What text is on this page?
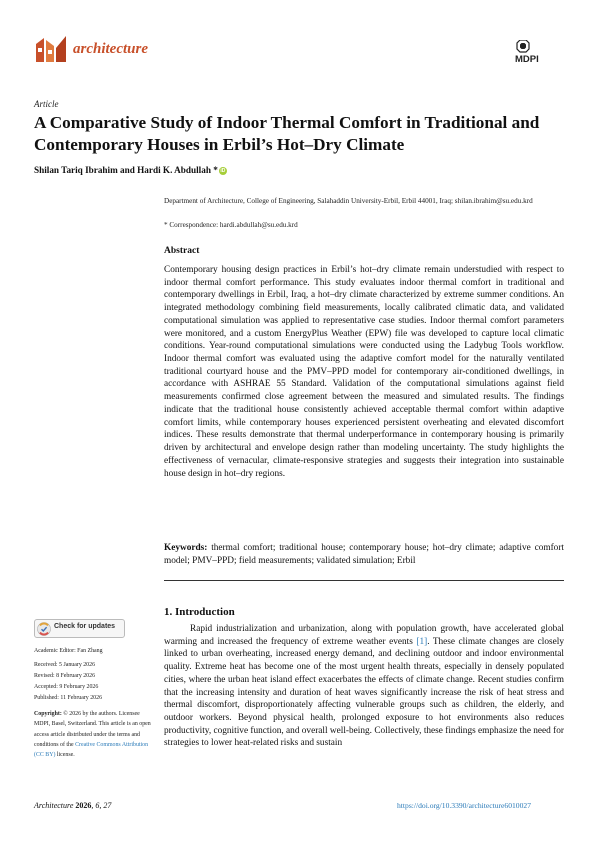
architecture
MDPI
Article
A Comparative Study of Indoor Thermal Comfort in Traditional and Contemporary Houses in Erbil’s Hot–Dry Climate
Shilan Tariq Ibrahim and Hardi K. Abdullah * iD
Department of Architecture, College of Engineering, Salahaddin University-Erbil, Erbil 44001, Iraq; shilan.ibrahim@su.edu.krd
* Correspondence: hardi.abdullah@su.edu.krd
Abstract
Contemporary housing design practices in Erbil’s hot–dry climate remain understudied with respect to indoor thermal comfort performance. This study evaluates indoor thermal comfort in traditional and contemporary dwellings in Erbil, Iraq, a hot–dry climate characterized by extreme summer conditions. An integrated methodology combining field measurements, locally calibrated climatic data, and validated computational simulation was applied to representative case studies. Indoor thermal comfort parameters were monitored, and a custom EnergyPlus Weather (EPW) file was developed to capture local climatic conditions. Year-round computational simulations were conducted using the Ladybug Tools workflow. Indoor thermal comfort was evaluated using the adaptive comfort model for the naturally ventilated traditional courtyard house and the PMV–PPD model for contemporary air-conditioned dwellings, in accordance with ASHRAE 55 Standard. Validation of the computational simulations against field measurements confirmed close agreement between the measured and simulated results. The findings indicate that the traditional house consistently achieved acceptable thermal comfort within adaptive comfort limits, while contemporary houses experienced persistent overheating and elevated discomfort indices. These results demonstrate that thermal underperformance in contemporary housing is primarily driven by architectural and envelope design rather than modeling uncertainty. The study highlights the effectiveness of vernacular, climate-responsive strategies and suggests their integration into sustainable house design in hot–dry regions.
Keywords: thermal comfort; traditional house; contemporary house; hot–dry climate; adaptive comfort model; PMV–PPD; field measurements; validated simulation; Erbil
1. Introduction
Rapid industrialization and urbanization, along with population growth, have accelerated global warming and increased the frequency of extreme weather events [1]. These climate changes are closely linked to urban overheating, increased energy demand, and declining outdoor and indoor environmental quality. Extreme heat has become one of the most urgent health threats, especially in densely populated cities, where the urban heat island effect exacerbates the effects of climate change. Recent studies confirm that the increasing intensity and duration of heat waves significantly increase the risk of heat stress and thermal discomfort, disproportionately affecting vulnerable groups such as children, the elderly, and outdoor workers. Beyond physical health, prolonged exposure to hot environments also reduces productivity, cognitive function, and overall well-being. Collectively, these findings emphasize the need for strategies to lower heat-related risks and sustain
Check for updates
Academic Editor: Fan Zhang
Received: 5 January 2026
Revised: 8 February 2026
Accepted: 9 February 2026
Published: 11 February 2026
Copyright: © 2026 by the authors. Licensee MDPI, Basel, Switzerland. This article is an open access article distributed under the terms and conditions of the Creative Commons Attribution (CC BY) license.
Architecture 2026, 6, 27	https://doi.org/10.3390/architecture6010027
